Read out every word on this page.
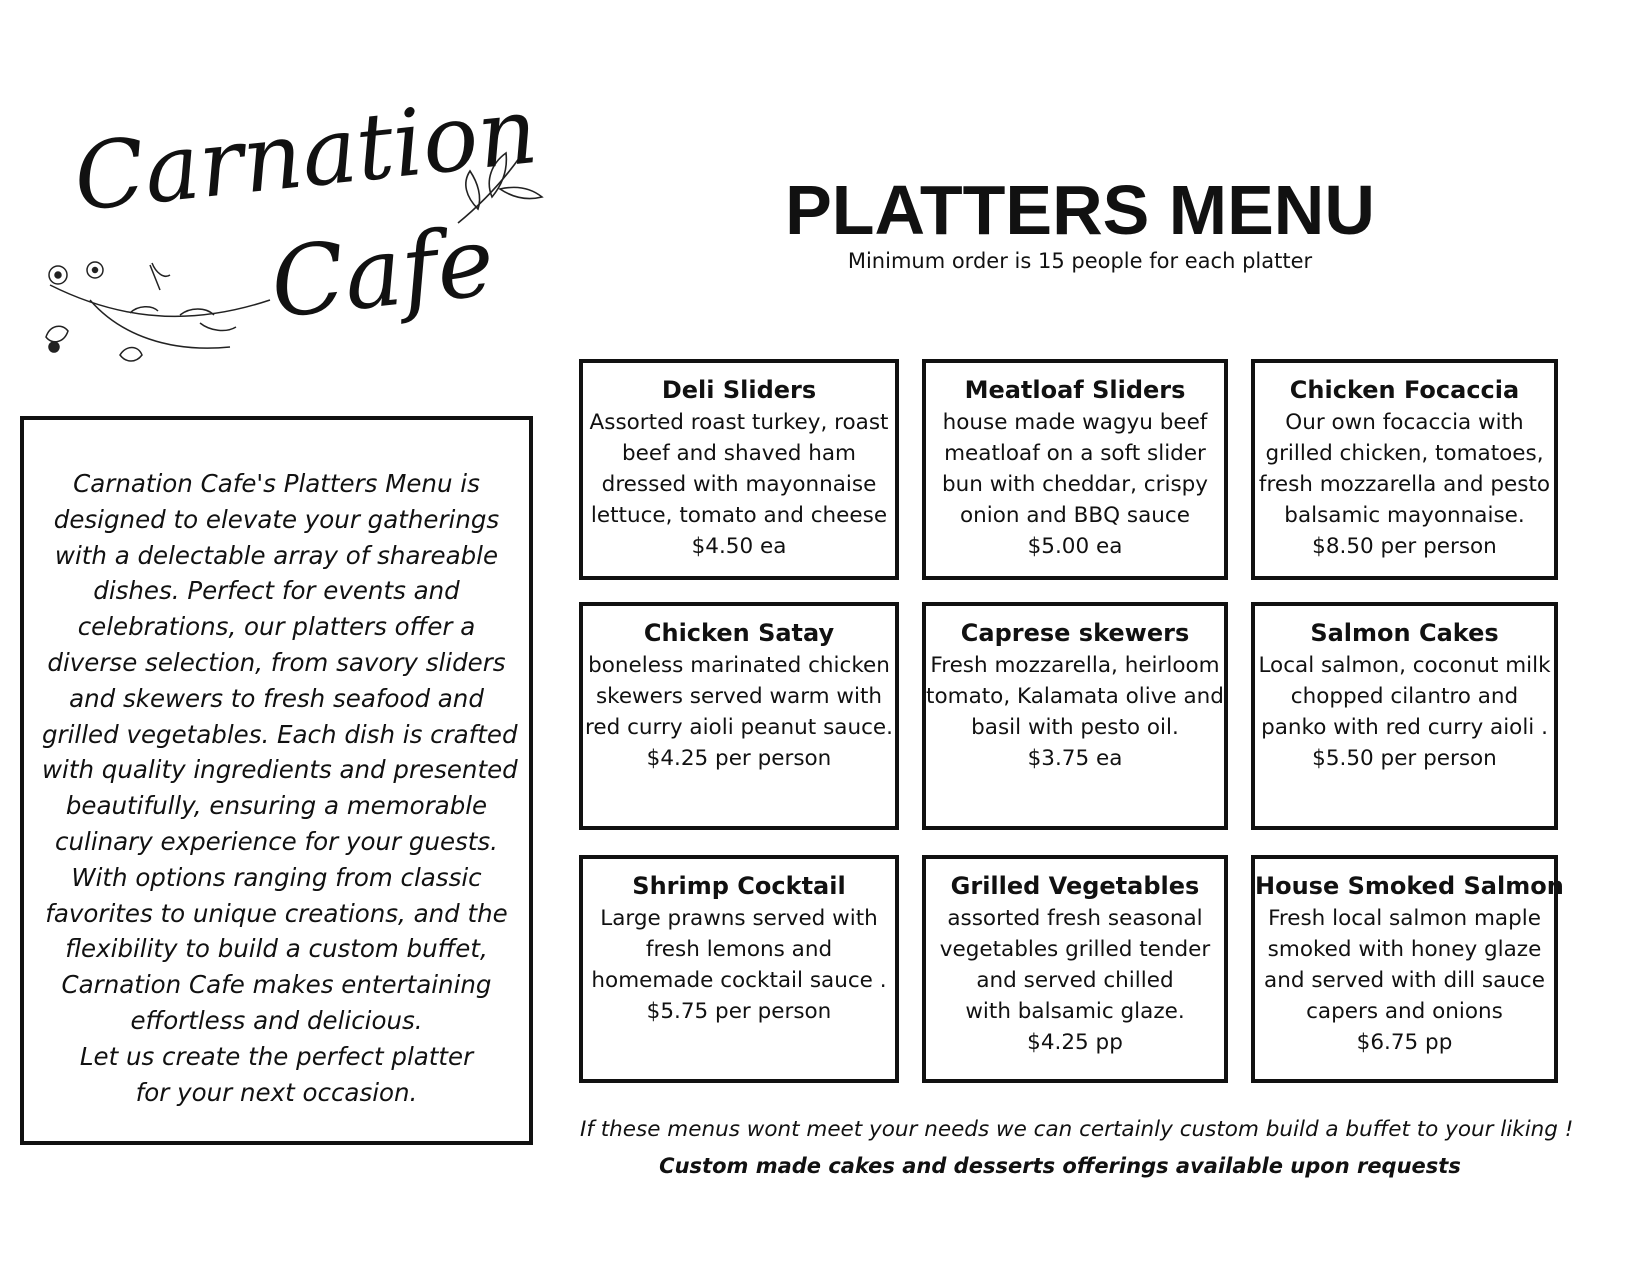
Carnation
Cafe	PLATTERS MENU
Minimum order is 15 people for each platter
Carnation Cafe's Platters Menu is
designed to elevate your gatherings
with a delectable array of shareable
dishes. Perfect for events and
celebrations, our platters offer a
diverse selection, from savory sliders
and skewers to fresh seafood and
grilled vegetables. Each dish is crafted
with quality ingredients and presented
beautifully, ensuring a memorable
culinary experience for your guests.
With options ranging from classic
favorites to unique creations, and the
flexibility to build a custom buffet,
Carnation Cafe makes entertaining
effortless and delicious.
Let us create the perfect platter
for your next occasion.
Deli Sliders
Assorted roast turkey, roast
beef and shaved ham
dressed with mayonnaise
lettuce, tomato and cheese
$4.50 ea
Meatloaf Sliders
house made wagyu beef
meatloaf on a soft slider
bun with cheddar, crispy
onion and BBQ sauce
$5.00 ea
Chicken Focaccia
Our own focaccia with
grilled chicken, tomatoes,
fresh mozzarella and pesto
balsamic mayonnaise.
$8.50 per person
Chicken Satay
boneless marinated chicken
skewers served warm with
red curry aioli peanut sauce.
$4.25 per person
Caprese skewers
Fresh mozzarella, heirloom
tomato, Kalamata olive and
basil with pesto oil.
$3.75 ea
Salmon Cakes
Local salmon, coconut milk
chopped cilantro and
panko with red curry aioli .
$5.50 per person
Shrimp Cocktail
Large prawns served with
fresh lemons and
homemade cocktail sauce .
$5.75 per person
Grilled Vegetables
assorted fresh seasonal
vegetables grilled tender
and served chilled
with balsamic glaze.
$4.25 pp
House Smoked Salmon
Fresh local salmon maple
smoked with honey glaze
and served with dill sauce
capers and onions
$6.75 pp
If these menus wont meet your needs we can certainly custom build a buffet to your liking !
Custom made cakes and desserts offerings available upon requests
